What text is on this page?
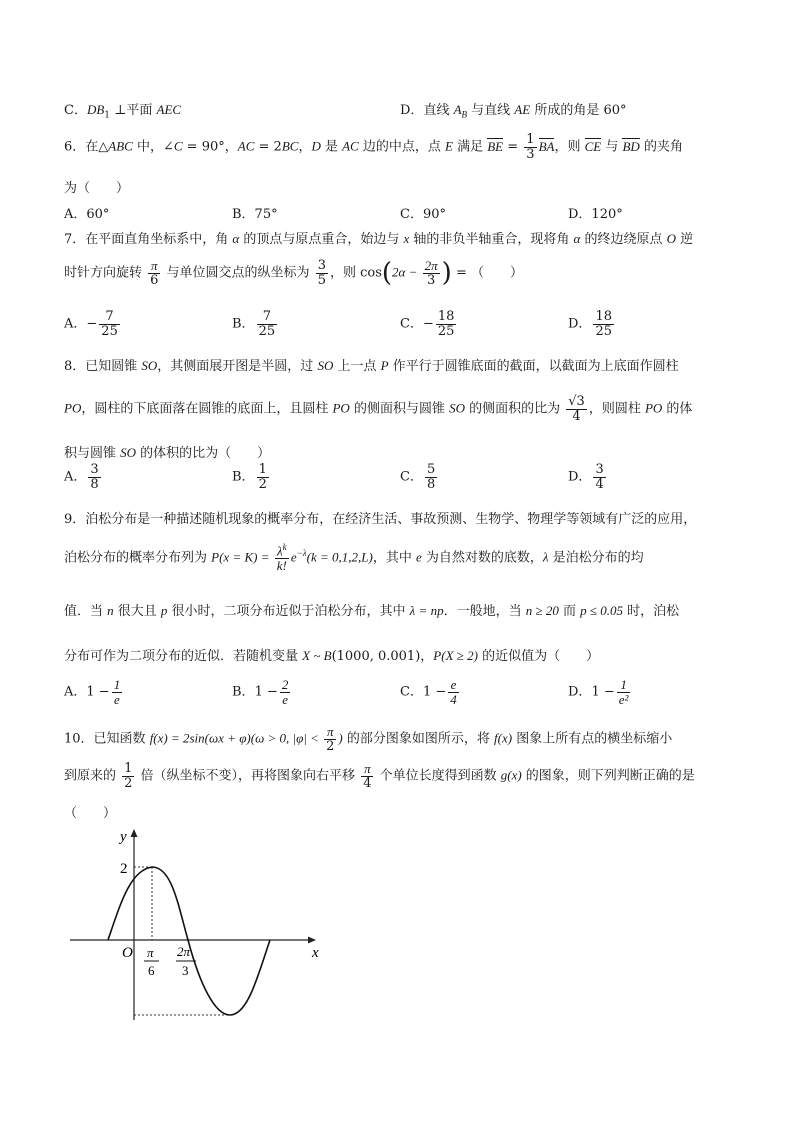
C．$DB_1$ ⊥平面 AEC	D．直线 $A_B$ 与直线 AE 所成的角是 60°
6．在△ABC 中，∠C = 90°，AC = 2BC，D 是 AC 边的中点，点 E 满足 BE = $\frac{1}{3}$ BA，则 CE 与 BD 的夹角
为（　　）
A．60°	B．75°	C．90°	D．120°
7．在平面直角坐标系中，角 α 的顶点与原点重合，始边与 x 轴的非负半轴重合，现将角 α 的终边绕原点 O 逆
时针方向旋转 $\frac{\pi}{6}$ 与单位圆交点的纵坐标为 $\frac{3}{5}$ ，则 $\cos(2\alpha - \frac{2\pi}{3}$ ) = （　　）
A．− $\frac{7}{25}$	B． $\frac{7}{25}$	C．− $\frac{18}{25}$	D． $\frac{18}{25}$
8．已知圆锥 SO，其侧面展开图是半圆，过 SO 上一点 P 作平行于圆锥底面的截面，以截面为上底面作圆柱
PO，圆柱的下底面落在圆锥的底面上，且圆柱 PO 的侧面积与圆锥 SO 的侧面积的比为 $\frac{√3}{4}$ ，则圆柱 PO 的体
积与圆锥 SO 的体积的比为（　　）
A． $\frac{3}{8}$	B． $\frac{1}{2}$	C． $\frac{5}{8}$	D． $\frac{3}{4}$
9．泊松分布是一种描述随机现象的概率分布，在经济生活、事故预测、生物学、物理学等领域有广泛的应用，
泊松分布的概率分布列为 $P(x = K) = \frac{\lambda^k}{k!} e^{-\lambda}(k = 0,1,2,L)$，其中 e 为自然对数的底数，λ 是泊松分布的均
值．当 n 很大且 p 很小时，二项分布近似于泊松分布，其中 λ = np．一般地，当 n ≥ 20 而 p ≤ 0.05 时，泊松
分布可作为二项分布的近似．若随机变量 X ~ B(1000, 0.001)，P(X ≥ 2) 的近似值为（　　）
A．$1 - \frac{1}{e}$	B．$1 - \frac{2}{e}$	C．$1 - \frac{e}{4}$	D．$1 - \frac{1}{\text{e²}}$
10．已知函数 f(x) = 2sin(ωx + φ)(ω > 0, $|\varphi| < \frac{\pi}{2}$ ) 的部分图象如图所示，将 f(x) 图象上所有点的横坐标缩小
到原来的 $\frac{1}{2}$ 倍（纵坐标不变），再将图象向右平移 $\frac{\pi}{4}$ 个单位长度得到函数 g(x) 的图象，则下列判断正确的是
（　　）
y
x
O
2
π
6
2π
3
